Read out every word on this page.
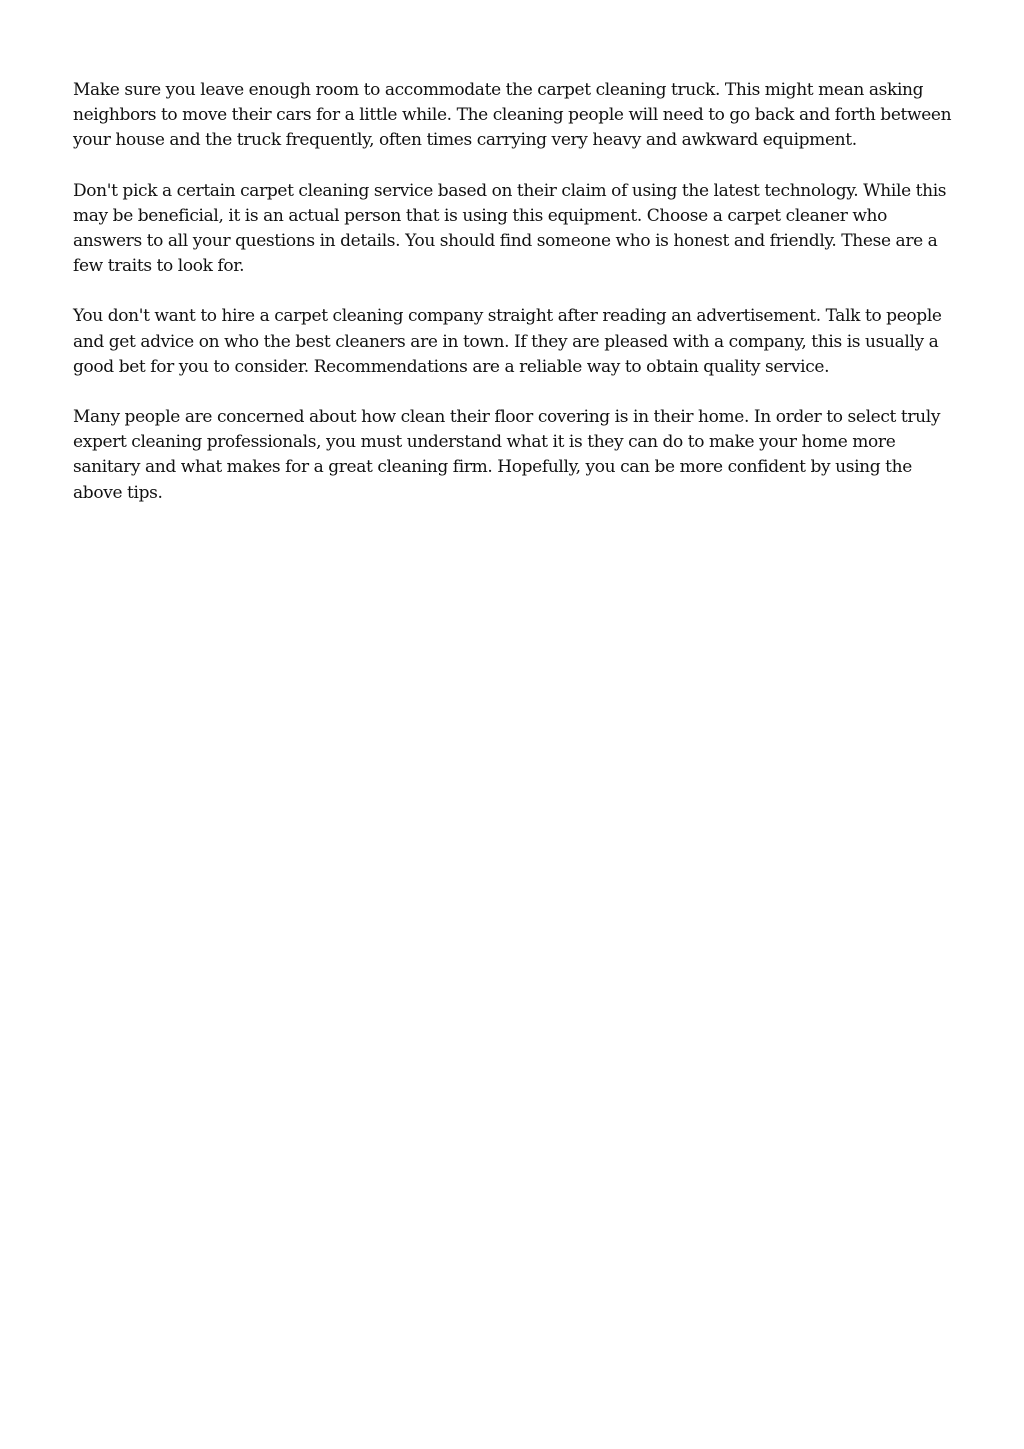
Make sure you leave enough room to accommodate the carpet cleaning truck. This might mean asking neighbors to move their cars for a little while. The cleaning people will need to go back and forth between your house and the truck frequently, often times carrying very heavy and awkward equipment.

Don't pick a certain carpet cleaning service based on their claim of using the latest technology. While this may be beneficial, it is an actual person that is using this equipment. Choose a carpet cleaner who answers to all your questions in details. You should find someone who is honest and friendly. These are a few traits to look for.

You don't want to hire a carpet cleaning company straight after reading an advertisement. Talk to people and get advice on who the best cleaners are in town. If they are pleased with a company, this is usually a good bet for you to consider. Recommendations are a reliable way to obtain quality service.

Many people are concerned about how clean their floor covering is in their home. In order to select truly expert cleaning professionals, you must understand what it is they can do to make your home more sanitary and what makes for a great cleaning firm. Hopefully, you can be more confident by using the above tips.
